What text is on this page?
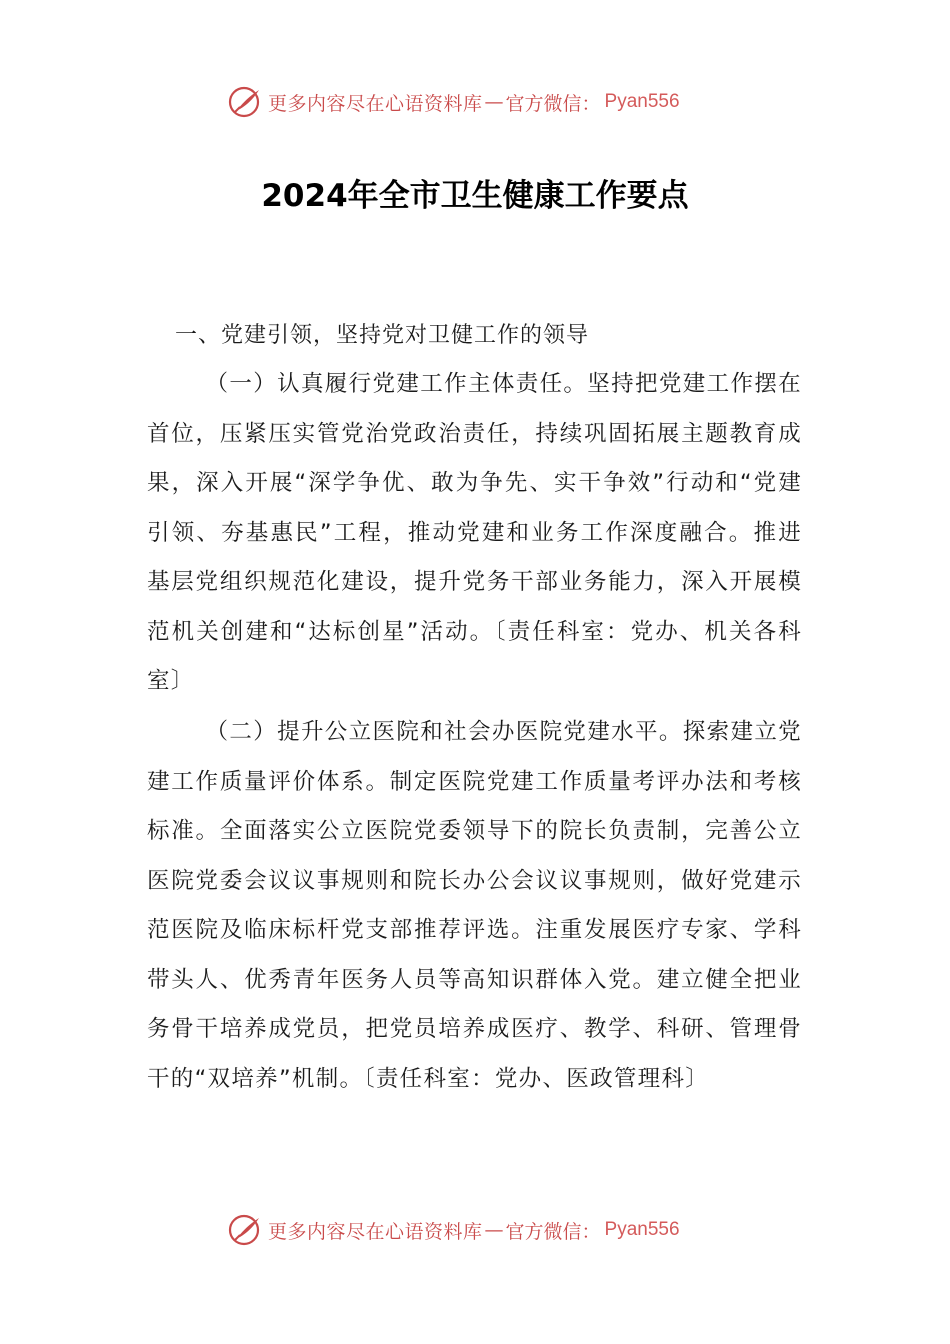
更多内容尽在心语资料库 — 官方微信： Pyan556
2024年全市卫生健康工作要点
一、党建引领，坚持党对卫健工作的领导

（一）认真履行党建工作主体责任。坚持把党建工作摆在首位，压紧压实管党治党政治责任，持续巩固拓展主题教育成果，深入开展“深学争优、敢为争先、实干争效”行动和“党建引领、夯基惠民”工程，推动党建和业务工作深度融合。推进基层党组织规范化建设，提升党务干部业务能力，深入开展模范机关创建和“达标创星”活动。〔责任科室：党办、机关各科室〕

（二）提升公立医院和社会办医院党建水平。探索建立党建工作质量评价体系。制定医院党建工作质量考评办法和考核标准。全面落实公立医院党委领导下的院长负责制，完善公立医院党委会议议事规则和院长办公会议议事规则，做好党建示范医院及临床标杆党支部推荐评选。注重发展医疗专家、学科带头人、优秀青年医务人员等高知识群体入党。建立健全把业务骨干培养成党员，把党员培养成医疗、教学、科研、管理骨干的“双培养”机制。〔责任科室：党办、医政管理科〕

更多内容尽在心语资料库 — 官方微信： Pyan556
